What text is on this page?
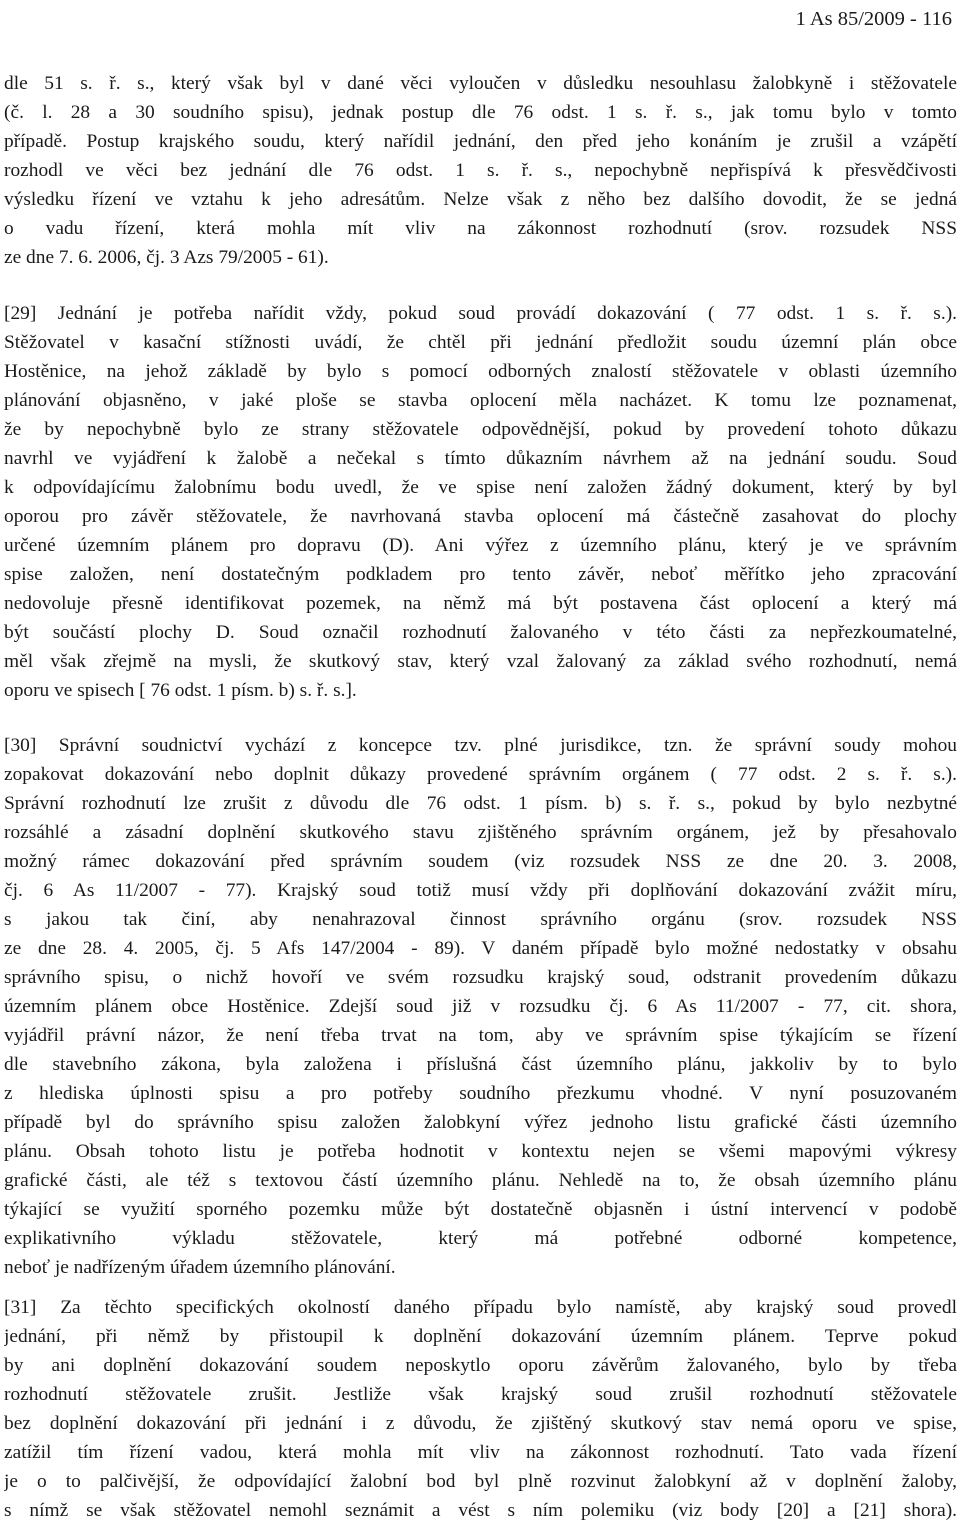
1 As 85/2009 - 116
dle 51 s. ř. s., který však byl v dané věci vyloučen v důsledku nesouhlasu žalobkyně i stěžovatele
(č. l. 28 a 30 soudního spisu), jednak postup dle 76 odst. 1 s. ř. s., jak tomu bylo v tomto
případě. Postup krajského soudu, který nařídil jednání, den před jeho konáním je zrušil a vzápětí
rozhodl ve věci bez jednání dle 76 odst. 1 s. ř. s., nepochybně nepřispívá k přesvědčivosti
výsledku řízení ve vztahu k jeho adresátům. Nelze však z něho bez dalšího dovodit, že se jedná
o vadu řízení, která mohla mít vliv na zákonnost rozhodnutí (srov. rozsudek NSS
ze dne 7. 6. 2006, čj. 3 Azs 79/2005 - 61).
[29] Jednání je potřeba nařídit vždy, pokud soud provádí dokazování ( 77 odst. 1 s. ř. s.).
Stěžovatel v kasační stížnosti uvádí, že chtěl při jednání předložit soudu územní plán obce
Hostěnice, na jehož základě by bylo s pomocí odborných znalostí stěžovatele v oblasti územního
plánování objasněno, v jaké ploše se stavba oplocení měla nacházet. K tomu lze poznamenat,
že by nepochybně bylo ze strany stěžovatele odpovědnější, pokud by provedení tohoto důkazu
navrhl ve vyjádření k žalobě a nečekal s tímto důkazním návrhem až na jednání soudu. Soud
k odpovídajícímu žalobnímu bodu uvedl, že ve spise není založen žádný dokument, který by byl
oporou pro závěr stěžovatele, že navrhovaná stavba oplocení má částečně zasahovat do plochy
určené územním plánem pro dopravu (D). Ani výřez z územního plánu, který je ve správním
spise založen, není dostatečným podkladem pro tento závěr, neboť měřítko jeho zpracování
nedovoluje přesně identifikovat pozemek, na němž má být postavena část oplocení a který má
být součástí plochy D. Soud označil rozhodnutí žalovaného v této části za nepřezkoumatelné,
měl však zřejmě na mysli, že skutkový stav, který vzal žalovaný za základ svého rozhodnutí, nemá
oporu ve spisech [ 76 odst. 1 písm. b) s. ř. s.].
[30] Správní soudnictví vychází z koncepce tzv. plné jurisdikce, tzn. že správní soudy mohou
zopakovat dokazování nebo doplnit důkazy provedené správním orgánem ( 77 odst. 2 s. ř. s.).
Správní rozhodnutí lze zrušit z důvodu dle 76 odst. 1 písm. b) s. ř. s., pokud by bylo nezbytné
rozsáhlé a zásadní doplnění skutkového stavu zjištěného správním orgánem, jež by přesahovalo
možný rámec dokazování před správním soudem (viz rozsudek NSS ze dne 20. 3. 2008,
čj. 6 As 11/2007 - 77). Krajský soud totiž musí vždy při doplňování dokazování zvážit míru,
s jakou tak činí, aby nenahrazoval činnost správního orgánu (srov. rozsudek NSS
ze dne 28. 4. 2005, čj. 5 Afs 147/2004 - 89). V daném případě bylo možné nedostatky v obsahu
správního spisu, o nichž hovoří ve svém rozsudku krajský soud, odstranit provedením důkazu
územním plánem obce Hostěnice. Zdejší soud již v rozsudku čj. 6 As 11/2007 - 77, cit. shora,
vyjádřil právní názor, že není třeba trvat na tom, aby ve správním spise týkajícím se řízení
dle stavebního zákona, byla založena i příslušná část územního plánu, jakkoliv by to bylo
z hlediska úplnosti spisu a pro potřeby soudního přezkumu vhodné. V nyní posuzovaném
případě byl do správního spisu založen žalobkyní výřez jednoho listu grafické části územního
plánu. Obsah tohoto listu je potřeba hodnotit v kontextu nejen se všemi mapovými výkresy
grafické části, ale též s textovou částí územního plánu. Nehledě na to, že obsah územního plánu
týkající se využití sporného pozemku může být dostatečně objasněn i ústní intervencí v podobě
explikativního výkladu stěžovatele, který má potřebné odborné kompetence,
neboť je nadřízeným úřadem územního plánování.
[31] Za těchto specifických okolností daného případu bylo namístě, aby krajský soud provedl
jednání, při němž by přistoupil k doplnění dokazování územním plánem. Teprve pokud
by ani doplnění dokazování soudem neposkytlo oporu závěrům žalovaného, bylo by třeba
rozhodnutí stěžovatele zrušit. Jestliže však krajský soud zrušil rozhodnutí stěžovatele
bez doplnění dokazování při jednání i z důvodu, že zjištěný skutkový stav nemá oporu ve spise,
zatížil tím řízení vadou, která mohla mít vliv na zákonnost rozhodnutí. Tato vada řízení
je o to palčivější, že odpovídající žalobní bod byl plně rozvinut žalobkyní až v doplnění žaloby,
s nímž se však stěžovatel nemohl seznámit a vést s ním polemiku (viz body [20] a [21] shora).
